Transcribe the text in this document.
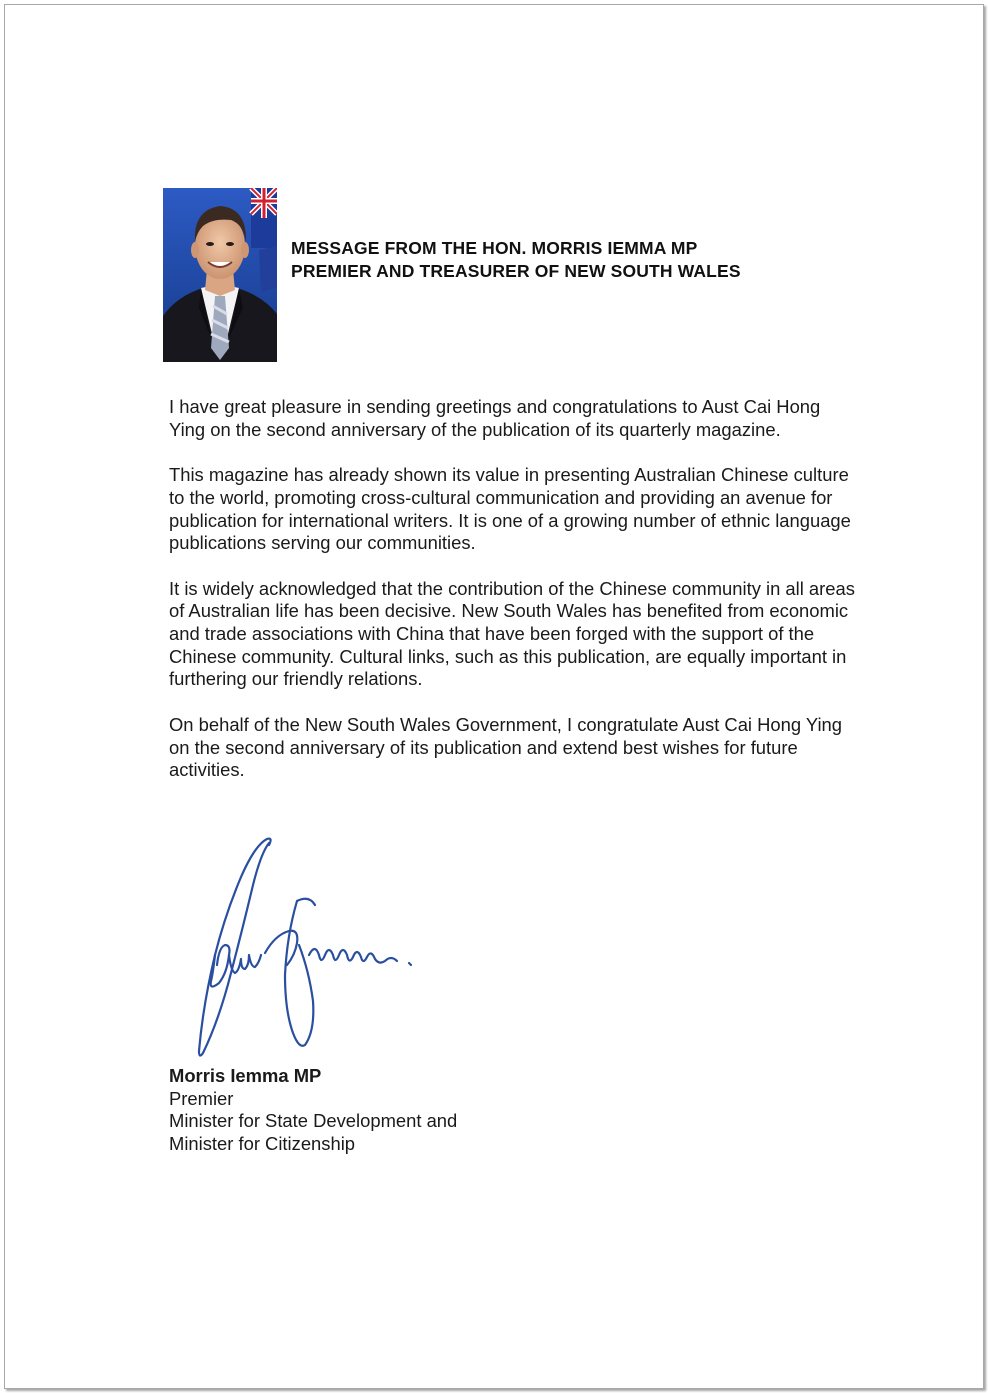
MESSAGE FROM THE HON. MORRIS IEMMA MP
PREMIER AND TREASURER OF NEW SOUTH WALES

I have great pleasure in sending greetings and congratulations to Aust Cai Hong Ying on the second anniversary of the publication of its quarterly magazine.

This magazine has already shown its value in presenting Australian Chinese culture to the world, promoting cross-cultural communication and providing an avenue for publication for international writers. It is one of a growing number of ethnic language publications serving our communities.

It is widely acknowledged that the contribution of the Chinese community in all areas of Australian life has been decisive. New South Wales has benefited from economic and trade associations with China that have been forged with the support of the Chinese community. Cultural links, such as this publication, are equally important in furthering our friendly relations.

On behalf of the New South Wales Government, I congratulate Aust Cai Hong Ying on the second anniversary of its publication and extend best wishes for future activities.

Morris Iemma MP
Premier
Minister for State Development and
Minister for Citizenship
